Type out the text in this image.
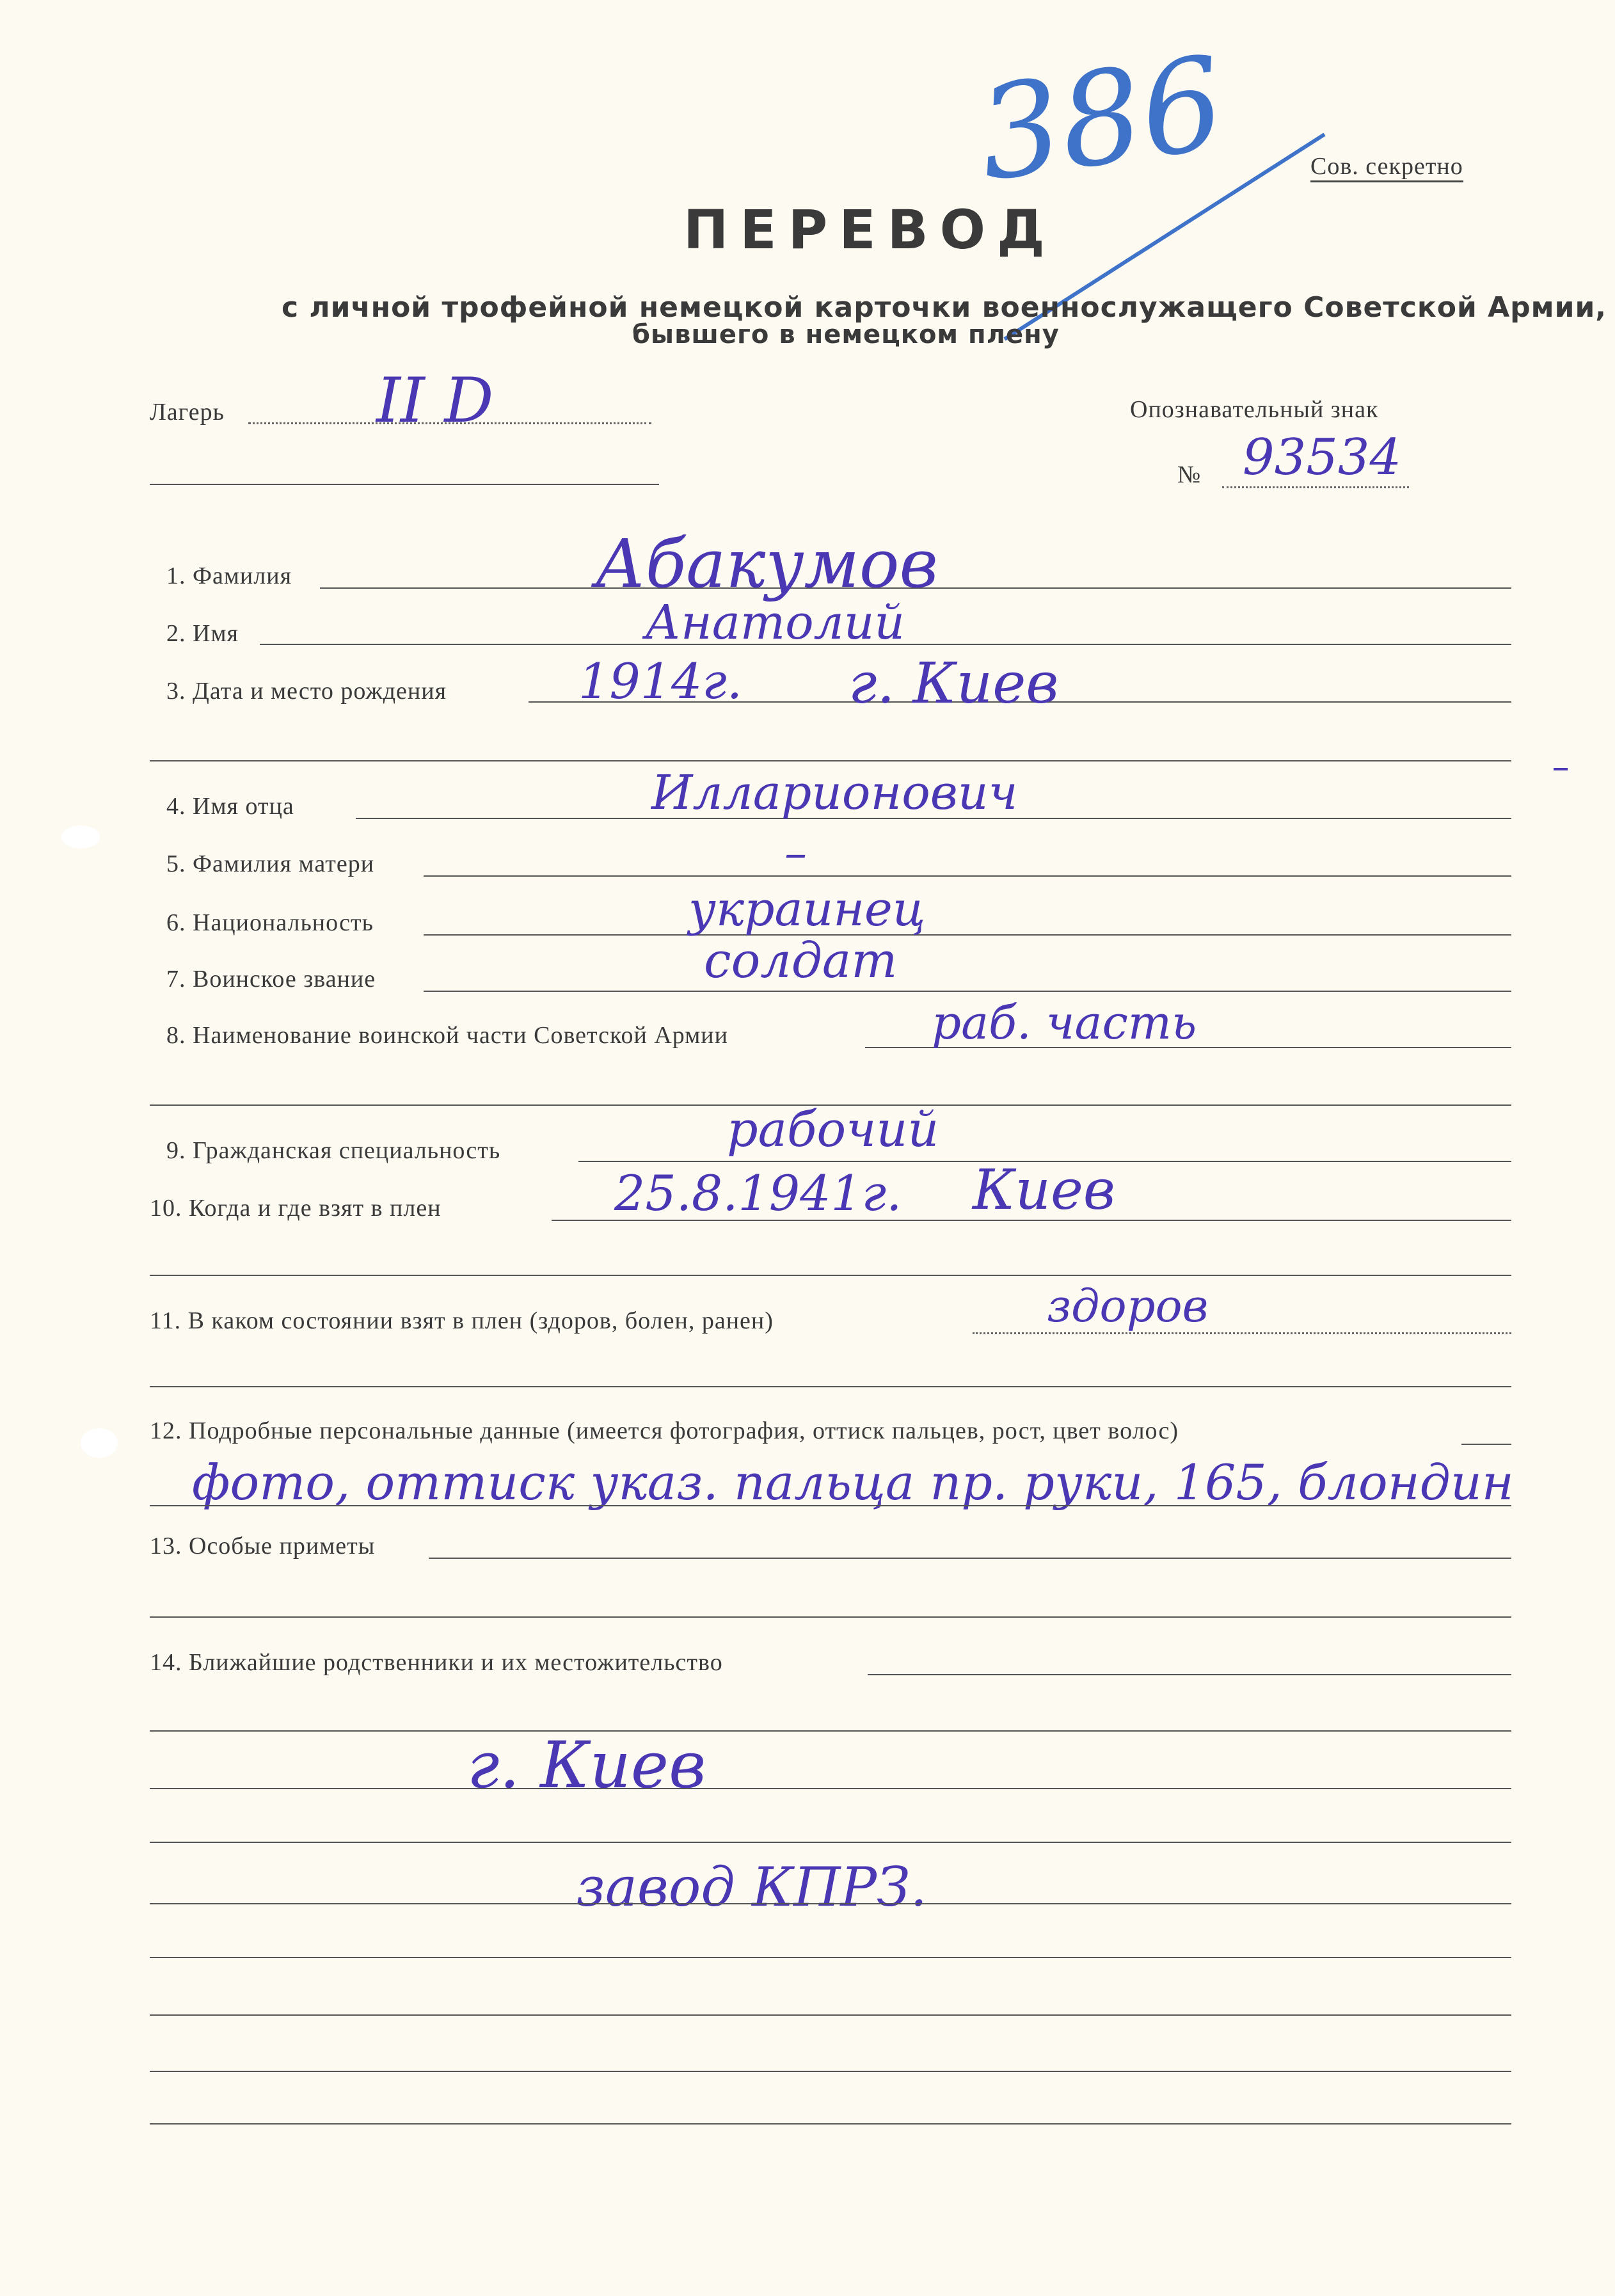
Сов. секретно
386
ПЕРЕВОД
с личной трофейной немецкой карточки военнослужащего Советской Армии,
бывшего в немецком плену
Лагерь II D	Опознавательный знак
№ 93534
1. Фамилия	Абакумов
2. Имя	Анатолий
3. Дата и место рождения	1914г. г. Киев
4. Имя отца	Илларионович
5. Фамилия матери	–
6. Национальность	украинец
7. Воинское звание	солдат
8. Наименование воинской части Советской Армии	раб. часть
9. Гражданская специальность	рабочий
10. Когда и где взят в плен	25.8.1941г. Киев
11. В каком состоянии взят в плен (здоров, болен, ранен)	здоров
12. Подробные персональные данные (имеется фотография, оттиск пальцев, рост, цвет волос)
фото, оттиск указ. пальца пр. руки, 165, блондин
13. Особые приметы
14. Ближайшие родственники и их местожительство
г. Киев
завод КПРЗ.
